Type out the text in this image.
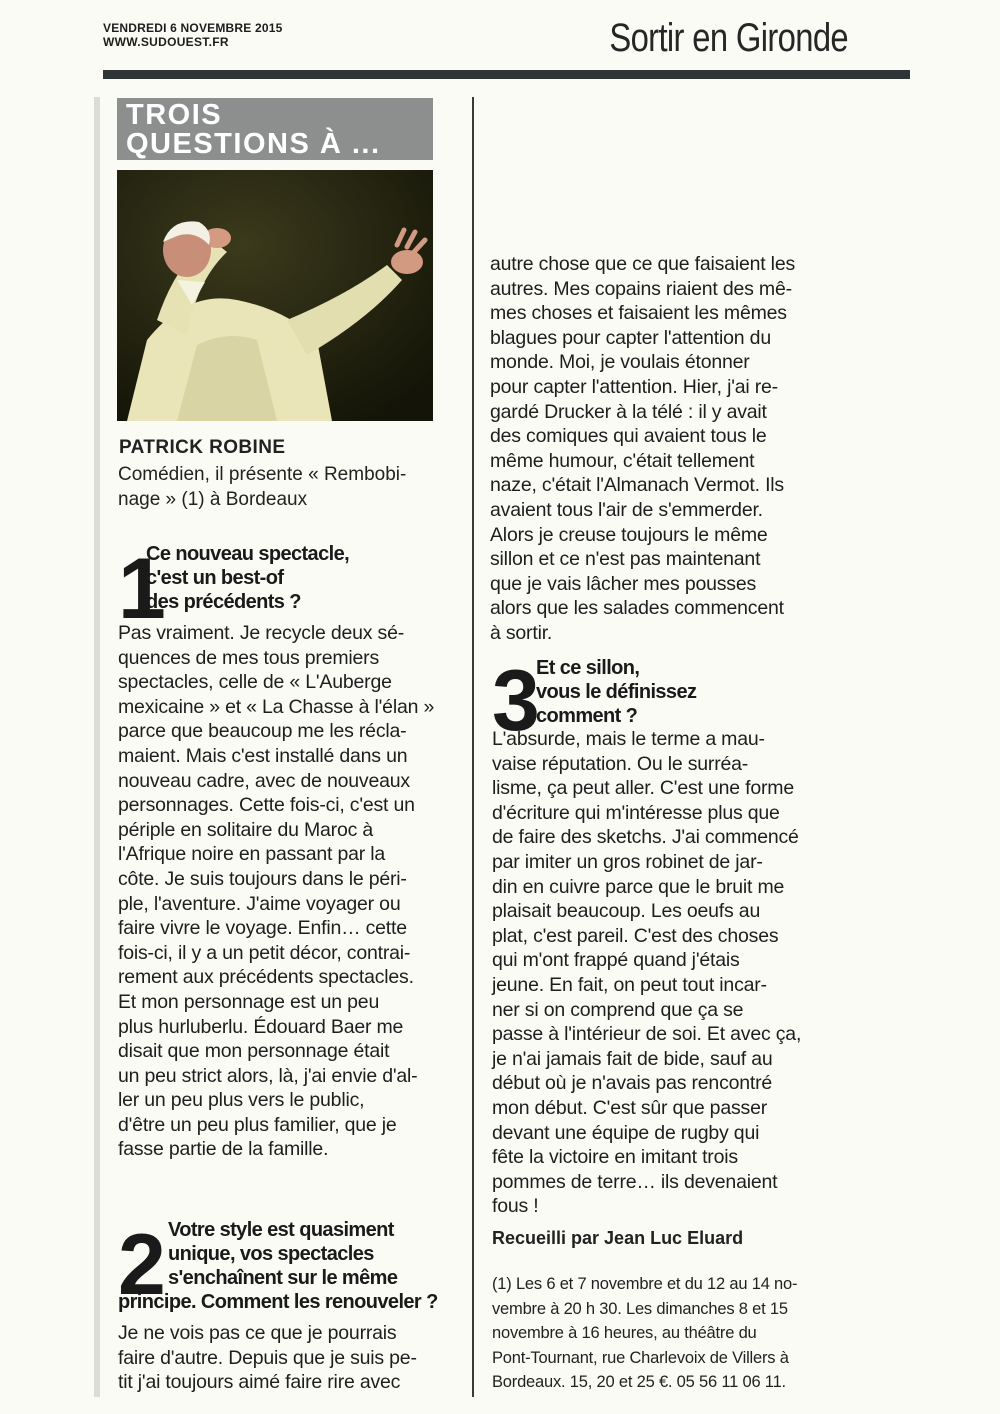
VENDREDI 6 NOVEMBRE 2015
WWW.SUDOUEST.FR	Sortir en Gironde
TROIS
QUESTIONS À ...
PATRICK ROBINE
Comédien, il présente « Rembobi-
nage » (1) à Bordeaux
1
Ce nouveau spectacle,
c'est un best-of
des précédents ?
Pas vraiment. Je recycle deux sé-
quences de mes tous premiers
spectacles, celle de « L'Auberge
mexicaine » et « La Chasse à l'élan »
parce que beaucoup me les récla-
maient. Mais c'est installé dans un
nouveau cadre, avec de nouveaux
personnages. Cette fois-ci, c'est un
périple en solitaire du Maroc à
l'Afrique noire en passant par la
côte. Je suis toujours dans le péri-
ple, l'aventure. J'aime voyager ou
faire vivre le voyage. Enfin… cette
fois-ci, il y a un petit décor, contrai-
rement aux précédents spectacles.
Et mon personnage est un peu
plus hurluberlu. Édouard Baer me
disait que mon personnage était
un peu strict alors, là, j'ai envie d'al-
ler un peu plus vers le public,
d'être un peu plus familier, que je
fasse partie de la famille.
2 Votre style est quasiment
unique, vos spectacles
s'enchaînent sur le même
principe. Comment les renouveler ?
Je ne vois pas ce que je pourrais
faire d'autre. Depuis que je suis pe-
tit j'ai toujours aimé faire rire avec
autre chose que ce que faisaient les
autres. Mes copains riaient des mê-
mes choses et faisaient les mêmes
blagues pour capter l'attention du
monde. Moi, je voulais étonner
pour capter l'attention. Hier, j'ai re-
gardé Drucker à la télé : il y avait
des comiques qui avaient tous le
même humour, c'était tellement
naze, c'était l'Almanach Vermot. Ils
avaient tous l'air de s'emmerder.
Alors je creuse toujours le même
sillon et ce n'est pas maintenant
que je vais lâcher mes pousses
alors que les salades commencent
à sortir.
3
Et ce sillon,
vous le définissez
comment ?
L'absurde, mais le terme a mau-
vaise réputation. Ou le surréa-
lisme, ça peut aller. C'est une forme
d'écriture qui m'intéresse plus que
de faire des sketchs. J'ai commencé
par imiter un gros robinet de jar-
din en cuivre parce que le bruit me
plaisait beaucoup. Les oeufs au
plat, c'est pareil. C'est des choses
qui m'ont frappé quand j'étais
jeune. En fait, on peut tout incar-
ner si on comprend que ça se
passe à l'intérieur de soi. Et avec ça,
je n'ai jamais fait de bide, sauf au
début où je n'avais pas rencontré
mon début. C'est sûr que passer
devant une équipe de rugby qui
fête la victoire en imitant trois
pommes de terre… ils devenaient
fous !
Recueilli par Jean Luc Eluard
(1) Les 6 et 7 novembre et du 12 au 14 no-
vembre à 20 h 30. Les dimanches 8 et 15
novembre à 16 heures, au théâtre du
Pont-Tournant, rue Charlevoix de Villers à
Bordeaux. 15, 20 et 25 €. 05 56 11 06 11.
